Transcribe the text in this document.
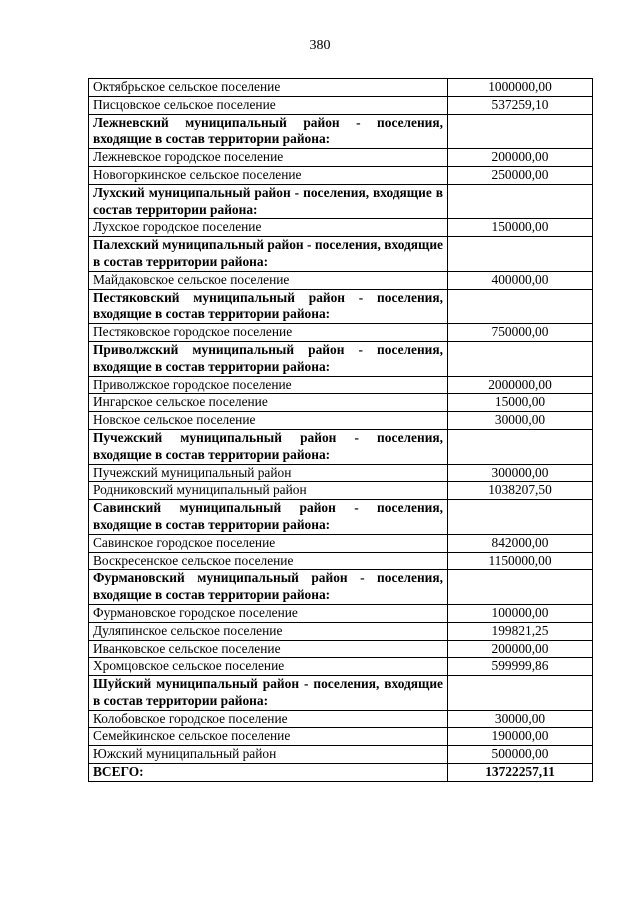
380
Октябрьское сельское поселение	1000000,00
Писцовское сельское поселение	537259,10
Лежневский муниципальный район - поселения, входящие в состав территории района:	
Лежневское городское поселение	200000,00
Новогоркинское сельское поселение	250000,00
Лухский муниципальный район - поселения, входящие в состав территории района:	
Лухское городское поселение	150000,00
Палехский муниципальный район - поселения, входящие в состав территории района:	
Майдаковское сельское поселение	400000,00
Пестяковский муниципальный район - поселения, входящие в состав территории района:	
Пестяковское городское поселение	750000,00
Приволжский муниципальный район - поселения, входящие в состав территории района:	
Приволжское городское поселение	2000000,00
Ингарское сельское поселение	15000,00
Новское сельское поселение	30000,00
Пучежский муниципальный район - поселения, входящие в состав территории района:	
Пучежский муниципальный район	300000,00
Родниковский муниципальный район	1038207,50
Савинский муниципальный район - поселения, входящие в состав территории района:	
Савинское городское поселение	842000,00
Воскресенское сельское поселение	1150000,00
Фурмановский муниципальный район - поселения, входящие в состав территории района:	
Фурмановское городское поселение	100000,00
Дуляпинское сельское поселение	199821,25
Иванковское сельское поселение	200000,00
Хромцовское сельское поселение	599999,86
Шуйский муниципальный район - поселения, входящие в состав территории района:	
Колобовское городское поселение	30000,00
Семейкинское сельское поселение	190000,00
Южский муниципальный район	500000,00
ВСЕГО:	13722257,11
